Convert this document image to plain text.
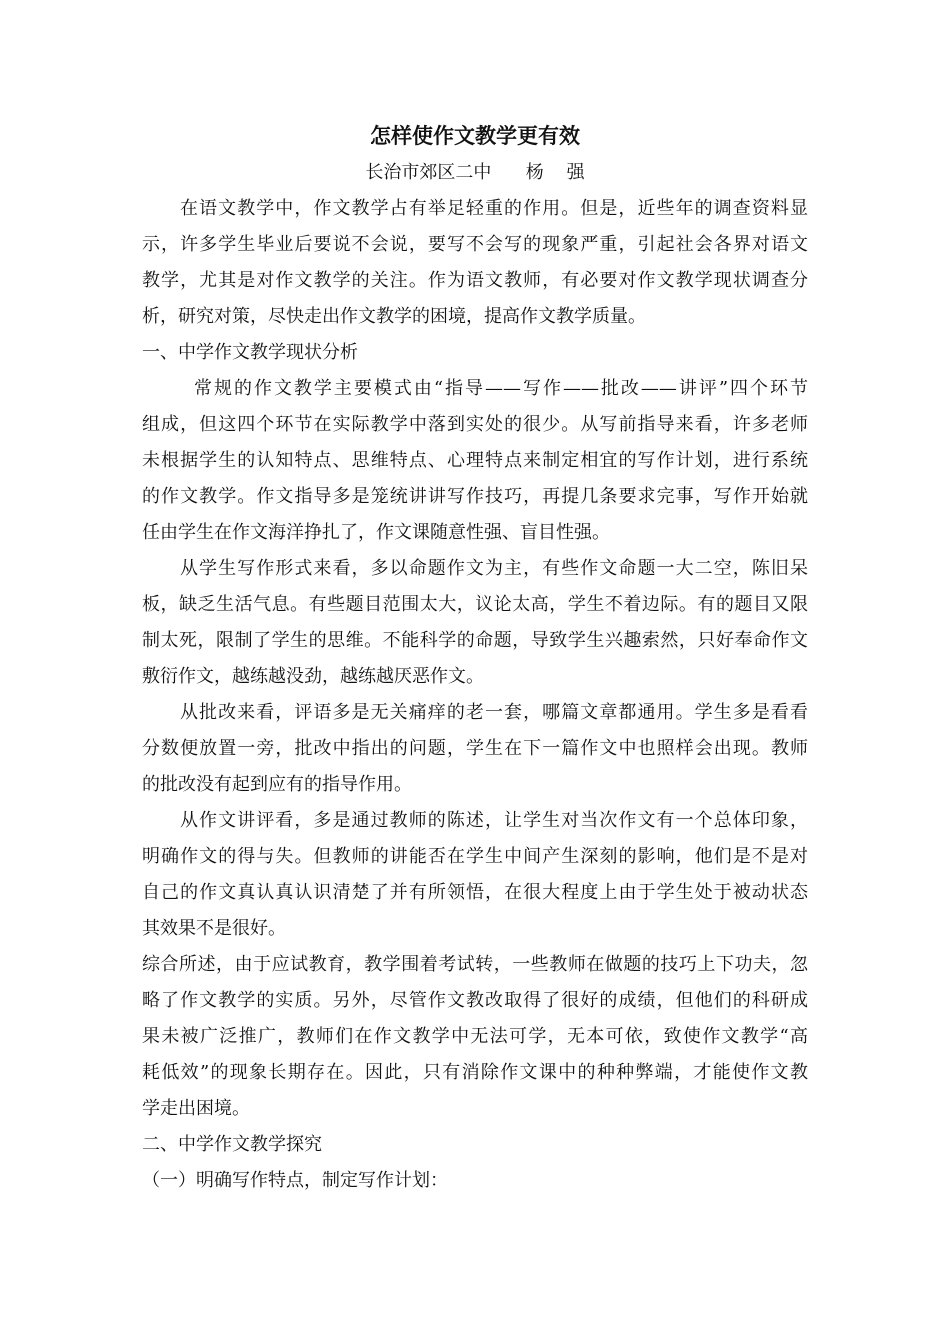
怎样使作文教学更有效
长治市郊区二中      杨    强
在语文教学中，作文教学占有举足轻重的作用。但是，近些年的调查资料显
示，许多学生毕业后要说不会说，要写不会写的现象严重，引起社会各界对语文
教学，尤其是对作文教学的关注。作为语文教师，有必要对作文教学现状调查分
析，研究对策，尽快走出作文教学的困境，提高作文教学质量。
一、中学作文教学现状分析
常规的作文教学主要模式由“指导——写作——批改——讲评”四个环节
组成，但这四个环节在实际教学中落到实处的很少。从写前指导来看，许多老师
未根据学生的认知特点、思维特点、心理特点来制定相宜的写作计划，进行系统
的作文教学。作文指导多是笼统讲讲写作技巧，再提几条要求完事，写作开始就
任由学生在作文海洋挣扎了，作文课随意性强、盲目性强。
从学生写作形式来看，多以命题作文为主，有些作文命题一大二空，陈旧呆
板，缺乏生活气息。有些题目范围太大，议论太高，学生不着边际。有的题目又限
制太死，限制了学生的思维。不能科学的命题，导致学生兴趣索然，只好奉命作文
敷衍作文，越练越没劲，越练越厌恶作文。
从批改来看，评语多是无关痛痒的老一套，哪篇文章都通用。学生多是看看
分数便放置一旁，批改中指出的问题，学生在下一篇作文中也照样会出现。教师
的批改没有起到应有的指导作用。
从作文讲评看，多是通过教师的陈述，让学生对当次作文有一个总体印象，
明确作文的得与失。但教师的讲能否在学生中间产生深刻的影响，他们是不是对
自己的作文真认真认识清楚了并有所领悟，在很大程度上由于学生处于被动状态
其效果不是很好。
综合所述，由于应试教育，教学围着考试转，一些教师在做题的技巧上下功夫，忽
略了作文教学的实质。另外，尽管作文教改取得了很好的成绩，但他们的科研成
果未被广泛推广，教师们在作文教学中无法可学，无本可依，致使作文教学“高
耗低效”的现象长期存在。因此，只有消除作文课中的种种弊端，才能使作文教
学走出困境。
二、中学作文教学探究
（一）明确写作特点，制定写作计划：
